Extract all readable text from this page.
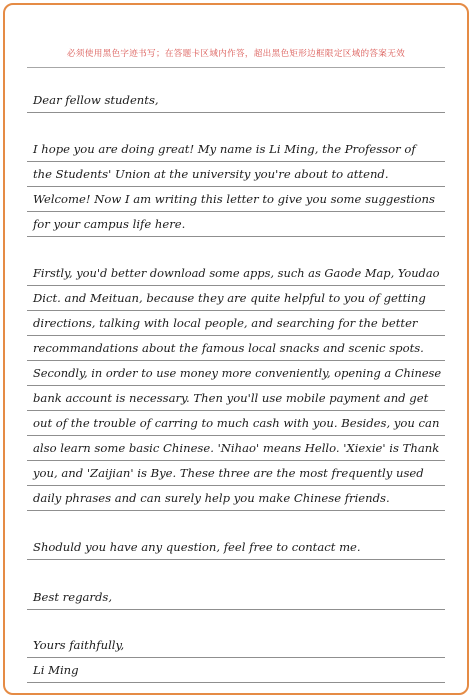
必须使用黑色字迹书写；在答题卡区域内作答，超出黑色矩形边框限定区域的答案无效
Dear fellow students,
I hope you are doing great! My name is Li Ming, the Professor of
the Students' Union at the university you're about to attend.
Welcome! Now I am writing this letter to give you some suggestions
for your campus life here.
Firstly, you'd better download some apps, such as Gaode Map, Youdao
Dict. and Meituan, because they are quite helpful to you of getting
directions, talking with local people, and searching for the better
recommandations about the famous local snacks and scenic spots.
Secondly, in order to use money more conveniently, opening a Chinese
bank account is necessary. Then you'll use mobile payment and get
out of the trouble of carring to much cash with you. Besides, you can
also learn some basic Chinese. 'Nihao' means Hello. 'Xiexie' is Thank
you, and 'Zaijian' is Bye. These three are the most frequently used
daily phrases and can surely help you make Chinese friends.
Shoduld you have any question, feel free to contact me.
Best regards,
Yours faithfully,
Li Ming
